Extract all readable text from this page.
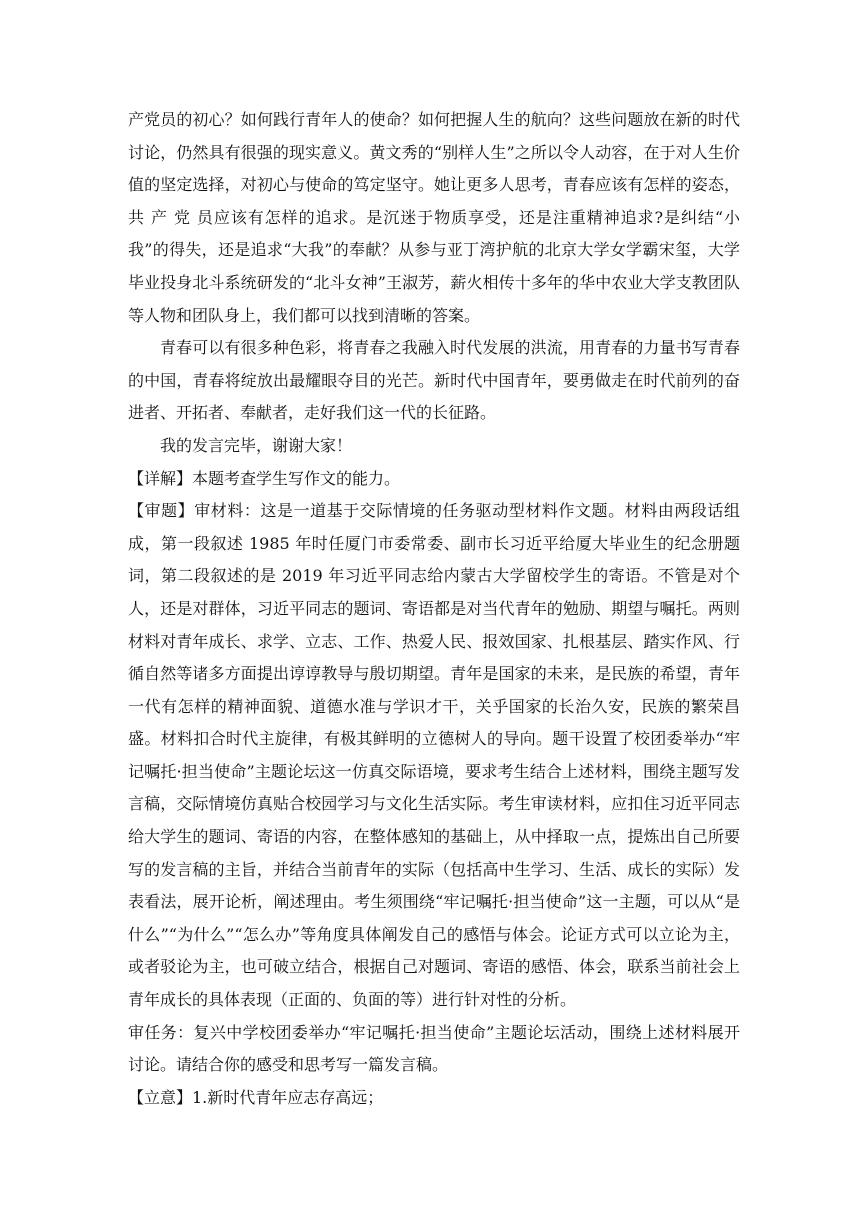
产党员的初心？如何践行青年人的使命？如何把握人生的航向？这些问题放在新的时代讨论，仍然具有很强的现实意义。黄文秀的“别样人生”之所以令人动容，在于对人生价值的坚定选择，对初心与使命的笃定坚守。她让更多人思考，青春应该有怎样的姿态，共 产 党 员应该有怎样的追求。是沉迷于物质享受，还是注重精神追求?是纠结“小我”的得失，还是追求“大我”的奉献？从参与亚丁湾护航的北京大学女学霸宋玺，大学毕业投身北斗系统研发的“北斗女神”王淑芳，薪火相传十多年的华中农业大学支教团队等人物和团队身上，我们都可以找到清晰的答案。

青春可以有很多种色彩，将青春之我融入时代发展的洪流，用青春的力量书写青春的中国，青春将绽放出最耀眼夺目的光芒。新时代中国青年，要勇做走在时代前列的奋进者、开拓者、奉献者，走好我们这一代的长征路。

我的发言完毕，谢谢大家！

【详解】本题考查学生写作文的能力。

【审题】审材料：这是一道基于交际情境的任务驱动型材料作文题。材料由两段话组成，第一段叙述 1985 年时任厦门市委常委、副市长习近平给厦大毕业生的纪念册题词，第二段叙述的是 2019 年习近平同志给内蒙古大学留校学生的寄语。不管是对个人，还是对群体，习近平同志的题词、寄语都是对当代青年的勉励、期望与嘱托。两则材料对青年成长、求学、立志、工作、热爱人民、报效国家、扎根基层、踏实作风、行循自然等诸多方面提出谆谆教导与殷切期望。青年是国家的未来，是民族的希望，青年一代有怎样的精神面貌、道德水准与学识才干，关乎国家的长治久安，民族的繁荣昌盛。材料扣合时代主旋律，有极其鲜明的立德树人的导向。题干设置了校团委举办“牢记嘱托·担当使命”主题论坛这一仿真交际语境，要求考生结合上述材料，围绕主题写发言稿，交际情境仿真贴合校园学习与文化生活实际。考生审读材料，应扣住习近平同志给大学生的题词、寄语的内容，在整体感知的基础上，从中择取一点，提炼出自己所要写的发言稿的主旨，并结合当前青年的实际（包括高中生学习、生活、成长的实际）发表看法，展开论析，阐述理由。考生须围绕“牢记嘱托·担当使命”这一主题，可以从“是什么”“为什么”“怎么办”等角度具体阐发自己的感悟与体会。论证方式可以立论为主，或者驳论为主，也可破立结合，根据自己对题词、寄语的感悟、体会，联系当前社会上青年成长的具体表现（正面的、负面的等）进行针对性的分析。

审任务：复兴中学校团委举办“牢记嘱托·担当使命”主题论坛活动，围绕上述材料展开讨论。请结合你的感受和思考写一篇发言稿。

【立意】1.新时代青年应志存高远；
